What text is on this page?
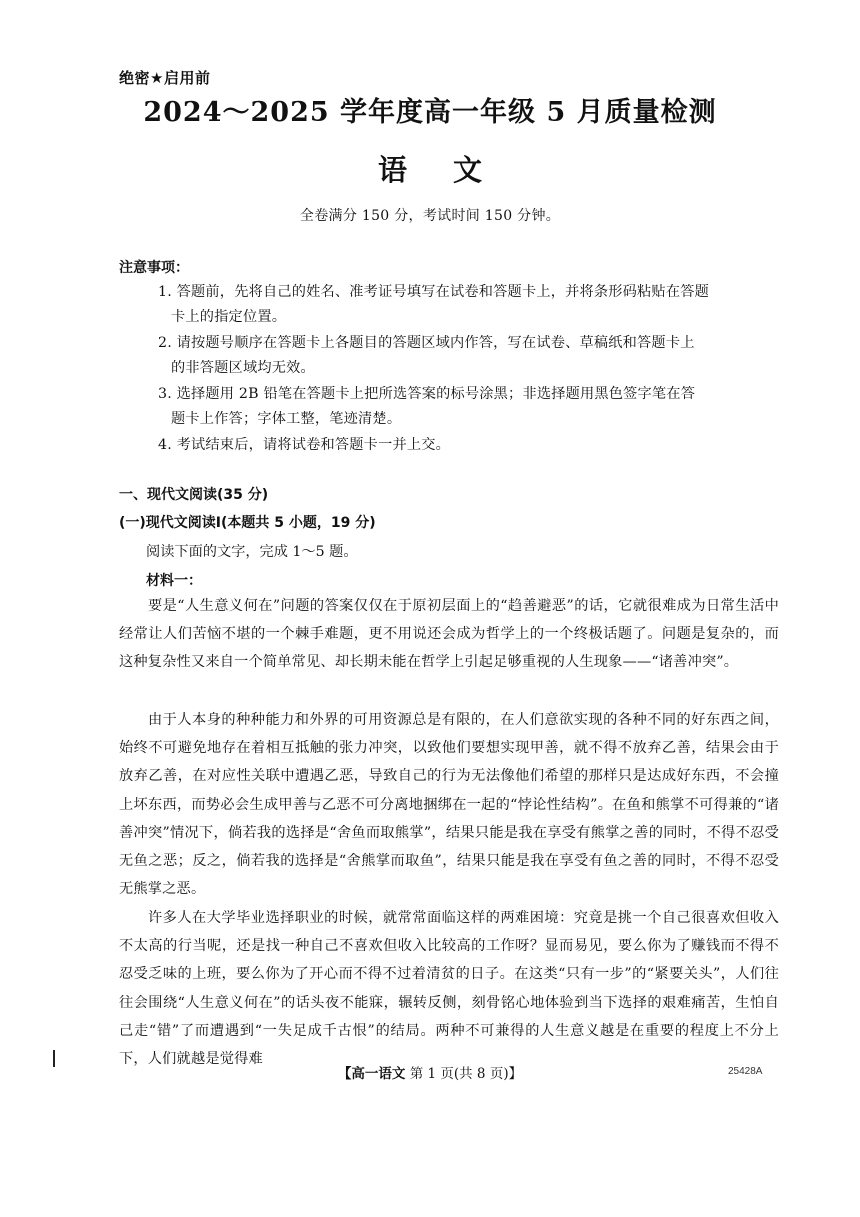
绝密★启用前
2024～2025 学年度高一年级 5 月质量检测
语文
全卷满分 150 分，考试时间 150 分钟。
注意事项：
1. 答题前，先将自己的姓名、准考证号填写在试卷和答题卡上，并将条形码粘贴在答题
卡上的指定位置。
2. 请按题号顺序在答题卡上各题目的答题区域内作答，写在试卷、草稿纸和答题卡上
的非答题区域均无效。
3. 选择题用 2B 铅笔在答题卡上把所选答案的标号涂黑；非选择题用黑色签字笔在答
题卡上作答；字体工整，笔迹清楚。
4. 考试结束后，请将试卷和答题卡一并上交。
一、现代文阅读(35 分)
(一)现代文阅读Ⅰ(本题共 5 小题，19 分)
阅读下面的文字，完成 1～5 题。
材料一：

要是“人生意义何在”问题的答案仅仅在于原初层面上的“趋善避恶”的话，它就很难成为日常生活中经常让人们苦恼不堪的一个棘手难题，更不用说还会成为哲学上的一个终极话题了。问题是复杂的，而这种复杂性又来自一个简单常见、却长期未能在哲学上引起足够重视的人生现象——“诸善冲突”。

由于人本身的种种能力和外界的可用资源总是有限的，在人们意欲实现的各种不同的好东西之间，始终不可避免地存在着相互抵触的张力冲突，以致他们要想实现甲善，就不得不放弃乙善，结果会由于放弃乙善，在对应性关联中遭遇乙恶，导致自己的行为无法像他们希望的那样只是达成好东西，不会撞上坏东西，而势必会生成甲善与乙恶不可分离地捆绑在一起的“悖论性结构”。在鱼和熊掌不可得兼的“诸善冲突”情况下，倘若我的选择是“舍鱼而取熊掌”，结果只能是我在享受有熊掌之善的同时，不得不忍受无鱼之恶；反之，倘若我的选择是“舍熊掌而取鱼”，结果只能是我在享受有鱼之善的同时，不得不忍受无熊掌之恶。

许多人在大学毕业选择职业的时候，就常常面临这样的两难困境：究竟是挑一个自己很喜欢但收入不太高的行当呢，还是找一种自己不喜欢但收入比较高的工作呀？显而易见，要么你为了赚钱而不得不忍受乏味的上班，要么你为了开心而不得不过着清贫的日子。在这类“只有一步”的“紧要关头”，人们往往会围绕“人生意义何在”的话头夜不能寐，辗转反侧，刻骨铭心地体验到当下选择的艰难痛苦，生怕自己走“错”了而遭遇到“一失足成千古恨”的结局。两种不可兼得的人生意义越是在重要的程度上不分上下，人们就越是觉得难

【高一语文 第 1 页(共 8 页)】	25428A
